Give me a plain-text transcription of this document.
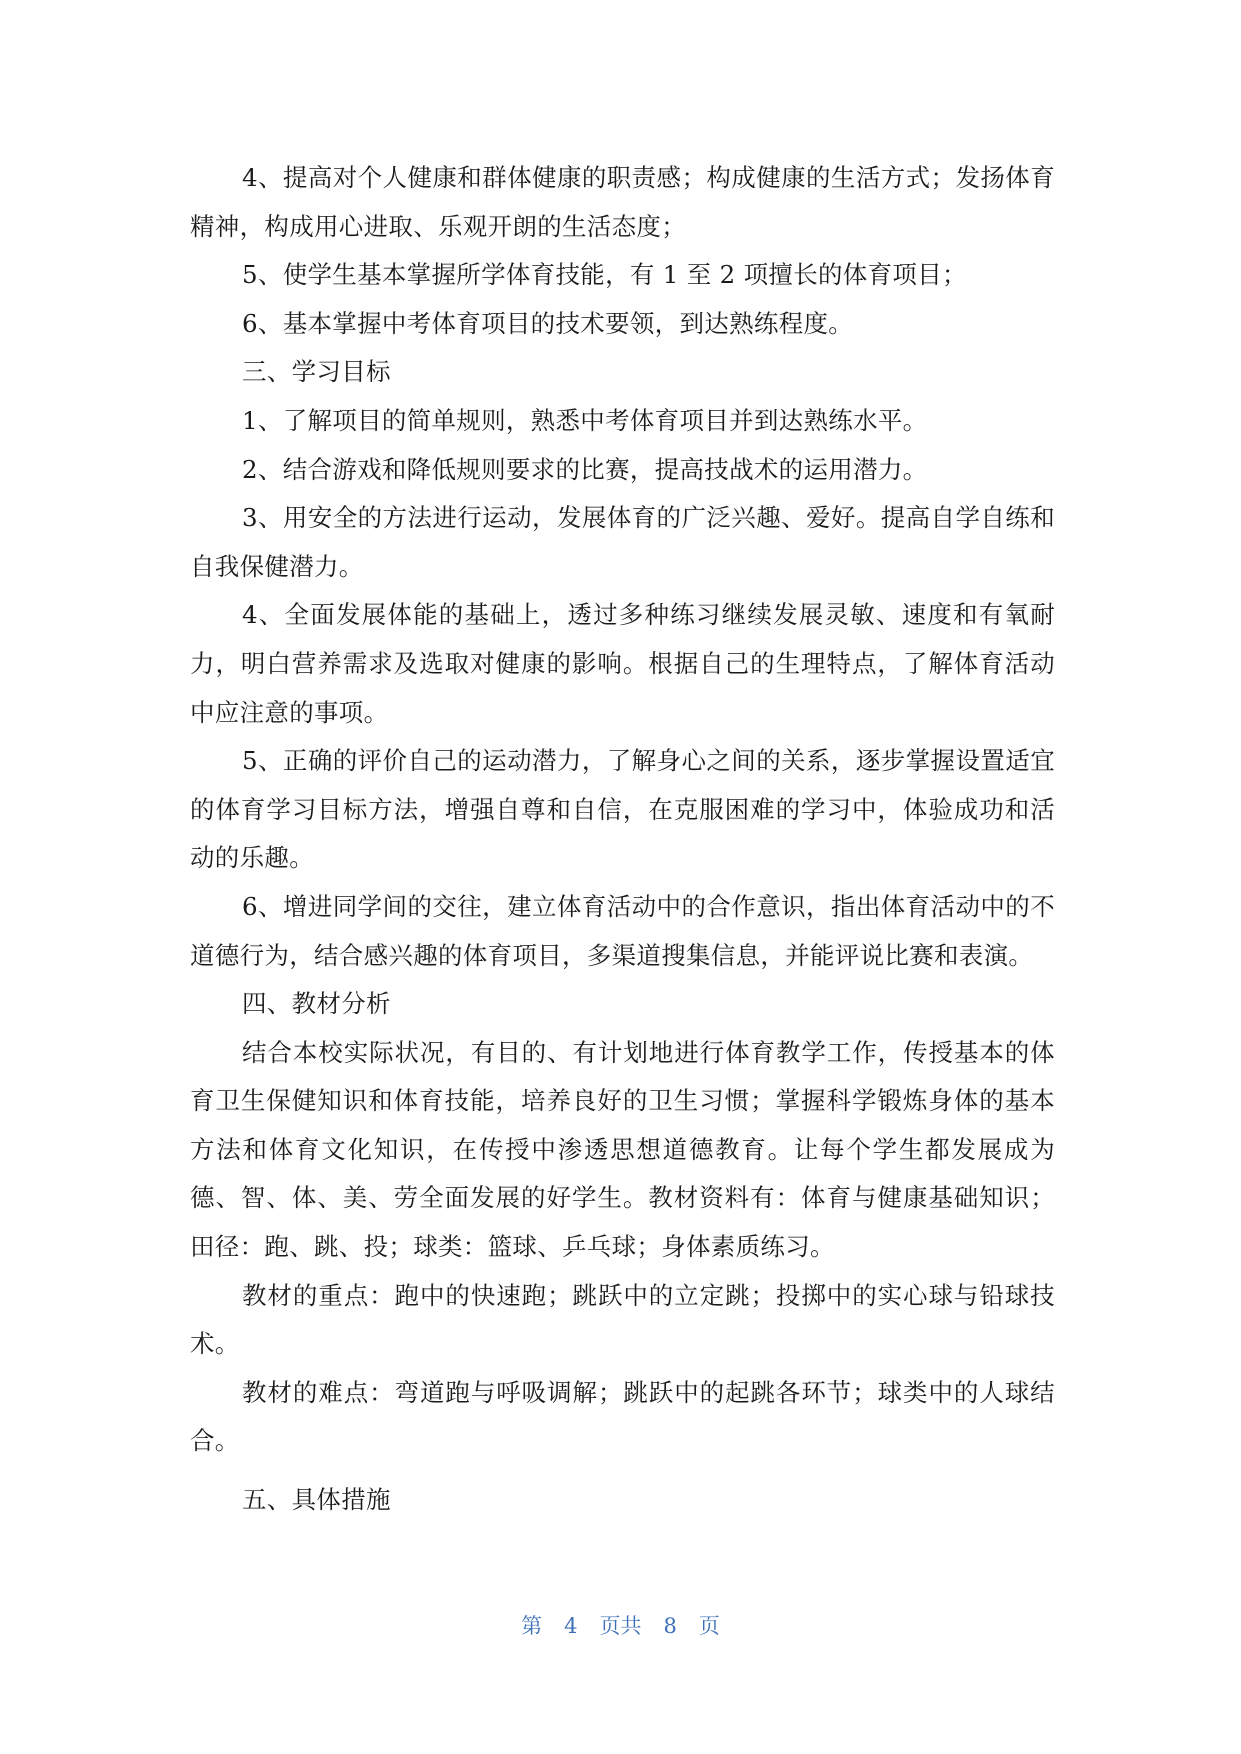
4、提高对个人健康和群体健康的职责感；构成健康的生活方式；发扬体育精神，构成用心进取、乐观开朗的生活态度；

5、使学生基本掌握所学体育技能，有 1 至 2 项擅长的体育项目；

6、基本掌握中考体育项目的技术要领，到达熟练程度。

三、学习目标

1、了解项目的简单规则，熟悉中考体育项目并到达熟练水平。

2、结合游戏和降低规则要求的比赛，提高技战术的运用潜力。

3、用安全的方法进行运动，发展体育的广泛兴趣、爱好。提高自学自练和自我保健潜力。

4、全面发展体能的基础上，透过多种练习继续发展灵敏、速度和有氧耐力，明白营养需求及选取对健康的影响。根据自己的生理特点，了解体育活动中应注意的事项。

5、正确的评价自己的运动潜力，了解身心之间的关系，逐步掌握设置适宜的体育学习目标方法，增强自尊和自信，在克服困难的学习中，体验成功和活动的乐趣。

6、增进同学间的交往，建立体育活动中的合作意识，指出体育活动中的不道德行为，结合感兴趣的体育项目，多渠道搜集信息，并能评说比赛和表演。

四、教材分析

结合本校实际状况，有目的、有计划地进行体育教学工作，传授基本的体育卫生保健知识和体育技能，培养良好的卫生习惯；掌握科学锻炼身体的基本方法和体育文化知识，在传授中渗透思想道德教育。让每个学生都发展成为德、智、体、美、劳全面发展的好学生。教材资料有：体育与健康基础知识；田径：跑、跳、投；球类：篮球、乒乓球；身体素质练习。

教材的重点：跑中的快速跑；跳跃中的立定跳；投掷中的实心球与铅球技术。

教材的难点：弯道跑与呼吸调解；跳跃中的起跳各环节；球类中的人球结合。

五、具体措施

第 4 页共 8 页
